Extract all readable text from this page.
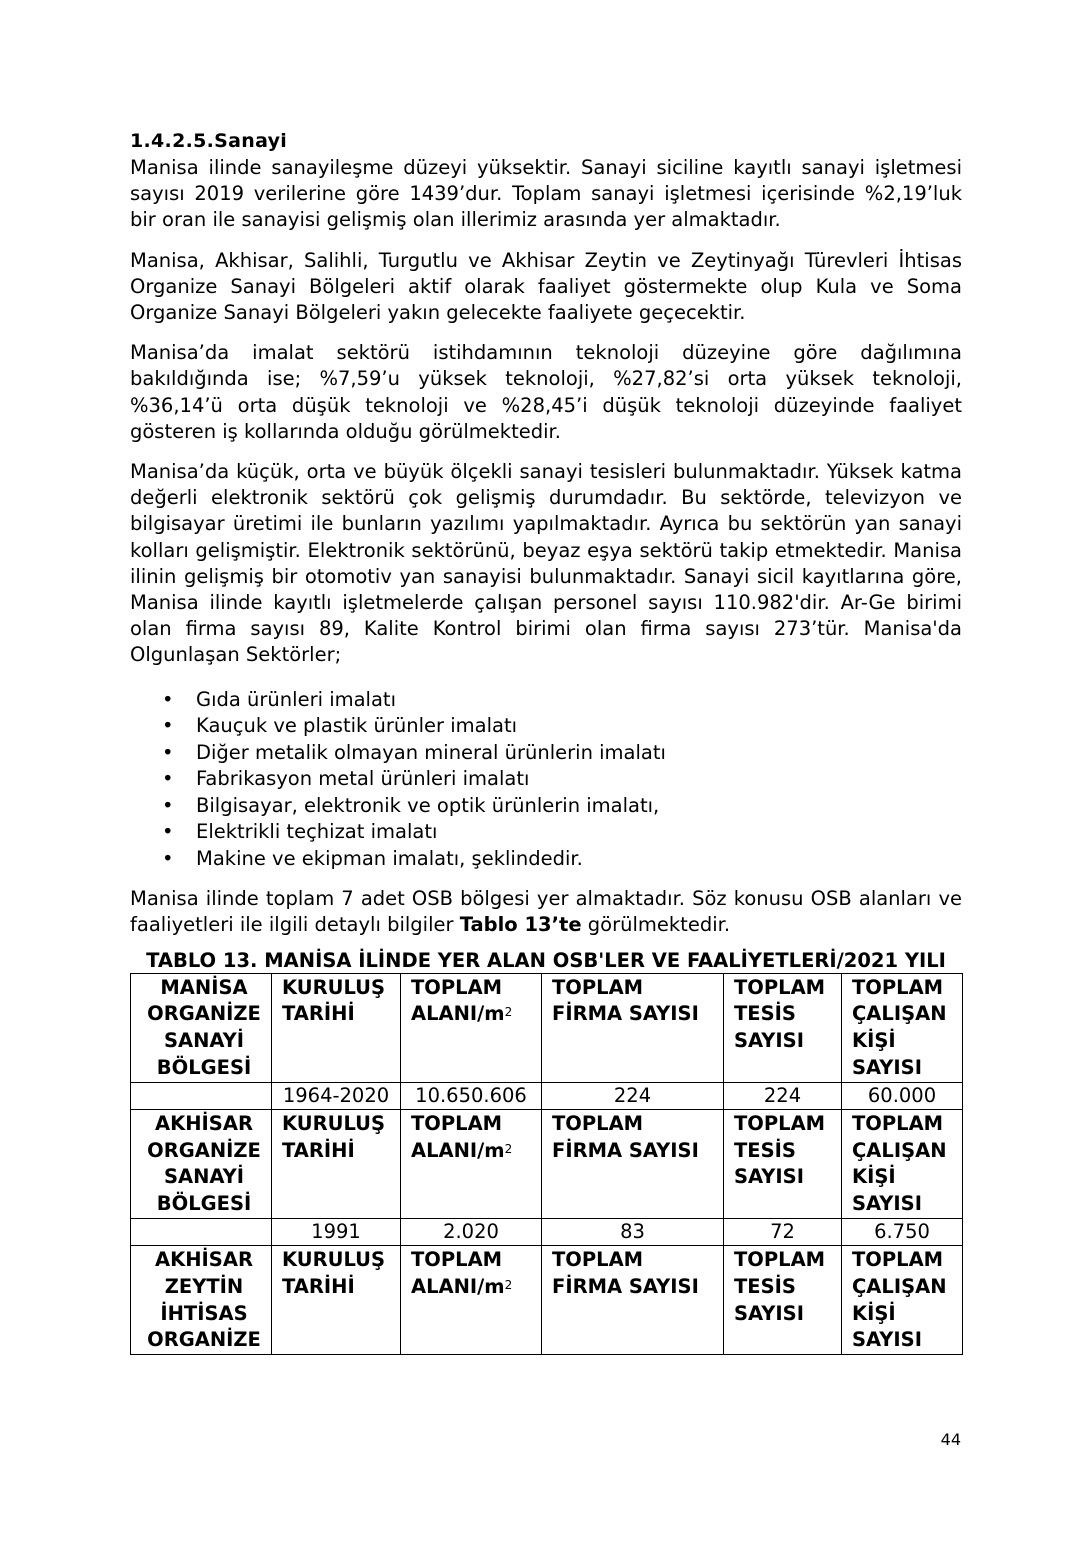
1.4.2.5.Sanayi

Manisa ilinde sanayileşme düzeyi yüksektir. Sanayi siciline kayıtlı sanayi işletmesi sayısı 2019 verilerine göre 1439’dur. Toplam sanayi işletmesi içerisinde %2,19’luk bir oran ile sanayisi gelişmiş olan illerimiz arasında yer almaktadır.

Manisa, Akhisar, Salihli, Turgutlu ve Akhisar Zeytin ve Zeytinyağı Türevleri İhtisas Organize Sanayi Bölgeleri aktif olarak faaliyet göstermekte olup Kula ve Soma Organize Sanayi Bölgeleri yakın gelecekte faaliyete geçecektir.

Manisa’da imalat sektörü istihdamının teknoloji düzeyine göre dağılımına bakıldığında ise; %7,59’u yüksek teknoloji, %27,82’si orta yüksek teknoloji, %36,14’ü orta düşük teknoloji ve %28,45’i düşük teknoloji düzeyinde faaliyet gösteren iş kollarında olduğu görülmektedir.

Manisa’da küçük, orta ve büyük ölçekli sanayi tesisleri bulunmaktadır. Yüksek katma değerli elektronik sektörü çok gelişmiş durumdadır. Bu sektörde, televizyon ve bilgisayar üretimi ile bunların yazılımı yapılmaktadır. Ayrıca bu sektörün yan sanayi kolları gelişmiştir. Elektronik sektörünü, beyaz eşya sektörü takip etmektedir. Manisa ilinin gelişmiş bir otomotiv yan sanayisi bulunmaktadır. Sanayi sicil kayıtlarına göre, Manisa ilinde kayıtlı işletmelerde çalışan personel sayısı 110.982'dir. Ar-Ge birimi olan firma sayısı 89, Kalite Kontrol birimi olan firma sayısı 273’tür. Manisa'da Olgunlaşan Sektörler;

• Gıda ürünleri imalatı
• Kauçuk ve plastik ürünler imalatı
• Diğer metalik olmayan mineral ürünlerin imalatı
• Fabrikasyon metal ürünleri imalatı
• Bilgisayar, elektronik ve optik ürünlerin imalatı,
• Elektrikli teçhizat imalatı
• Makine ve ekipman imalatı, şeklindedir.

Manisa ilinde toplam 7 adet OSB bölgesi yer almaktadır. Söz konusu OSB alanları ve faaliyetleri ile ilgili detaylı bilgiler Tablo 13’te görülmektedir.

TABLO 13. MANİSA İLİNDE YER ALAN OSB'LER VE FAALİYETLERİ/2021 YILI
MANİSA ORGANİZE SANAYİ BÖLGESİ	KURULUŞ TARİHİ	TOPLAM ALANI/$m^2$	TOPLAM FİRMA SAYISI	TOPLAM TESİS SAYISI	TOPLAM ÇALIŞAN KİŞİ SAYISI
	1964-2020	10.650.606	224	224	60.000
AKHİSAR ORGANİZE SANAYİ BÖLGESİ	KURULUŞ TARİHİ	TOPLAM ALANI/$m^2$	TOPLAM FİRMA SAYISI	TOPLAM TESİS SAYISI	TOPLAM ÇALIŞAN KİŞİ SAYISI
	1991	2.020	83	72	6.750
AKHİSAR ZEYTİN İHTİSAS ORGANİZE	KURULUŞ TARİHİ	TOPLAM ALANI/$m^2$	TOPLAM FİRMA SAYISI	TOPLAM TESİS SAYISI	TOPLAM ÇALIŞAN KİŞİ SAYISI
44
